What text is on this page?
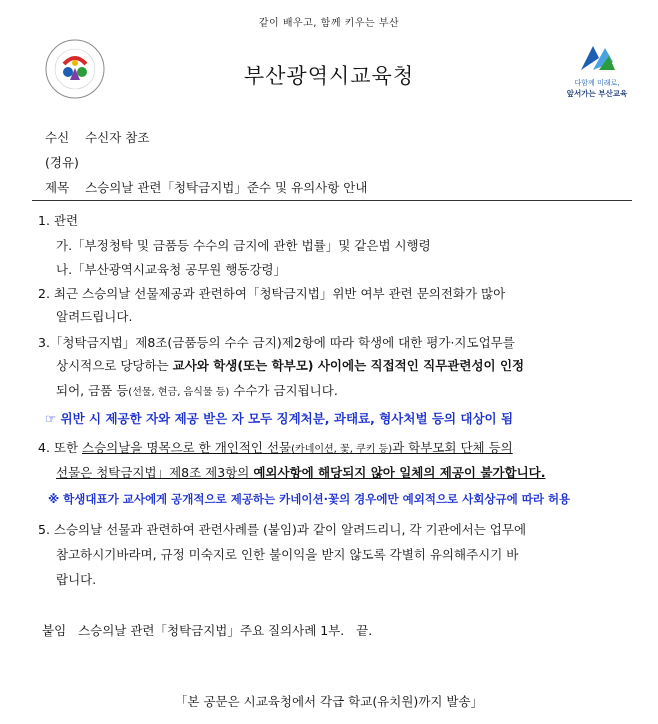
같이 배우고, 함께 키우는 부산
부산광역시교육청	다함께 미래로,
앞서가는 부산교육
수신 수신자 참조
(경유)
제목 스승의날 관련「청탁금지법」준수 및 유의사항 안내
1. 관련
가.「부정청탁 및 금품등 수수의 금지에 관한 법률」및 같은법 시행령
나.「부산광역시교육청 공무원 행동강령」
2. 최근 스승의날 선물제공과 관련하여「청탁금지법」위반 여부 관련 문의전화가 많아
알려드립니다.
3.「청탁금지법」제8조(금품등의 수수 금지)제2항에 따라 학생에 대한 평가·지도업무를
상시적으로 당당하는 교사와 학생(또는 학부모) 사이에는 직접적인 직무관련성이 인정
되어, 금품 등(선물, 현금, 음식물 등) 수수가 금지됩니다.
☞ 위반 시 제공한 자와 제공 받은 자 모두 징계처분, 과태료, 형사처벌 등의 대상이 됨
4. 또한 스승의날을 명목으로 한 개인적인 선물(카네이션, 꽃, 쿠키 등)과 학부모회 단체 등의
선물은 청탁금지법」제8조 제3항의 예외사항에 해당되지 않아 일체의 제공이 불가합니다.
※ 학생대표가 교사에게 공개적으로 제공하는 카네이션·꽃의 경우에만 예외적으로 사회상규에 따라 허용
5. 스승의날 선물과 관련하여 관련사례를 (붙임)과 같이 알려드리니, 각 기관에서는 업무에
참고하시기바라며, 규정 미숙지로 인한 불이익을 받지 않도록 각별히 유의해주시기 바
랍니다.
붙임   스승의날 관련「청탁금지법」주요 질의사례 1부.   끝.
「본 공문은 시교육청에서 각급 학교(유치원)까지 발송」
